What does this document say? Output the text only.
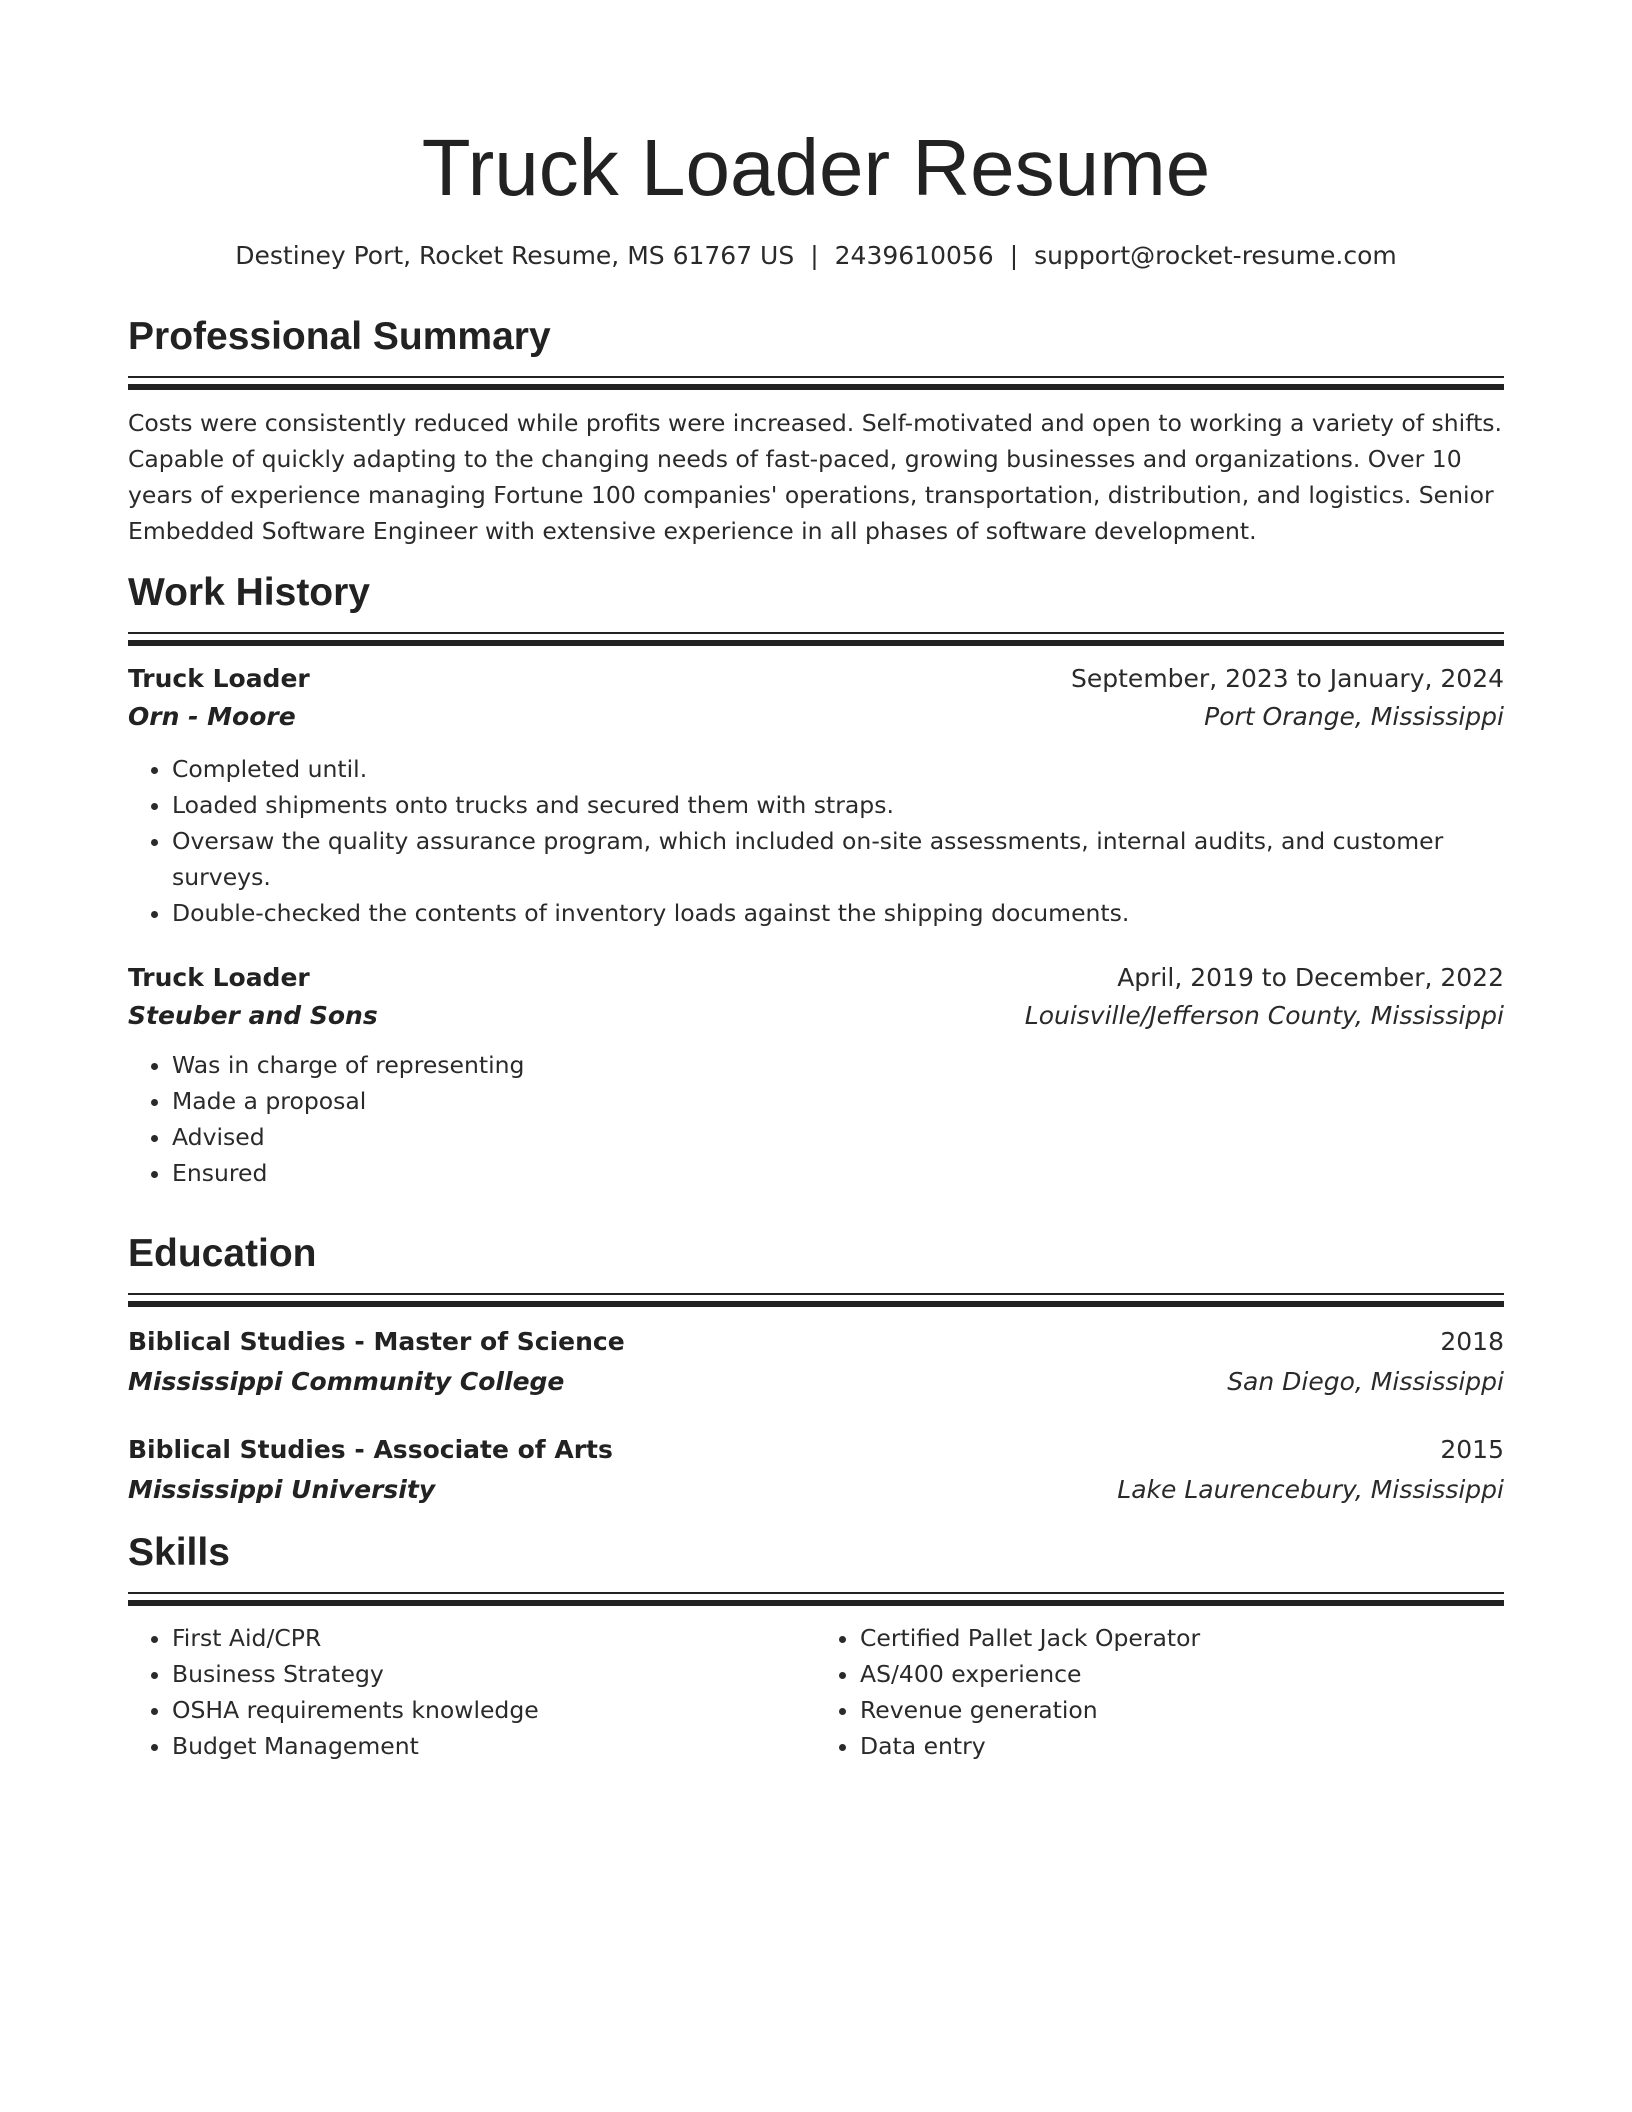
Truck Loader Resume
Destiney Port, Rocket Resume, MS 61767 US | 2439610056 | support@rocket-resume.com
Professional Summary
Costs were consistently reduced while profits were increased. Self-motivated and open to working a variety of shifts. Capable of quickly adapting to the changing needs of fast-paced, growing businesses and organizations. Over 10 years of experience managing Fortune 100 companies' operations, transportation, distribution, and logistics. Senior Embedded Software Engineer with extensive experience in all phases of software development.
Work History
Truck Loader	September, 2023 to January, 2024
Orn - Moore	Port Orange, Mississippi
• Completed until.
• Loaded shipments onto trucks and secured them with straps.
• Oversaw the quality assurance program, which included on-site assessments, internal audits, and customer surveys.
• Double-checked the contents of inventory loads against the shipping documents.
Truck Loader	April, 2019 to December, 2022
Steuber and Sons	Louisville/Jefferson County, Mississippi
• Was in charge of representing
• Made a proposal
• Advised
• Ensured
Education
Biblical Studies - Master of Science	2018
Mississippi Community College	San Diego, Mississippi
Biblical Studies - Associate of Arts	2015
Mississippi University	Lake Laurencebury, Mississippi
Skills
• First Aid/CPR
• Business Strategy
• OSHA requirements knowledge
• Budget Management
• Certified Pallet Jack Operator
• AS/400 experience
• Revenue generation
• Data entry
